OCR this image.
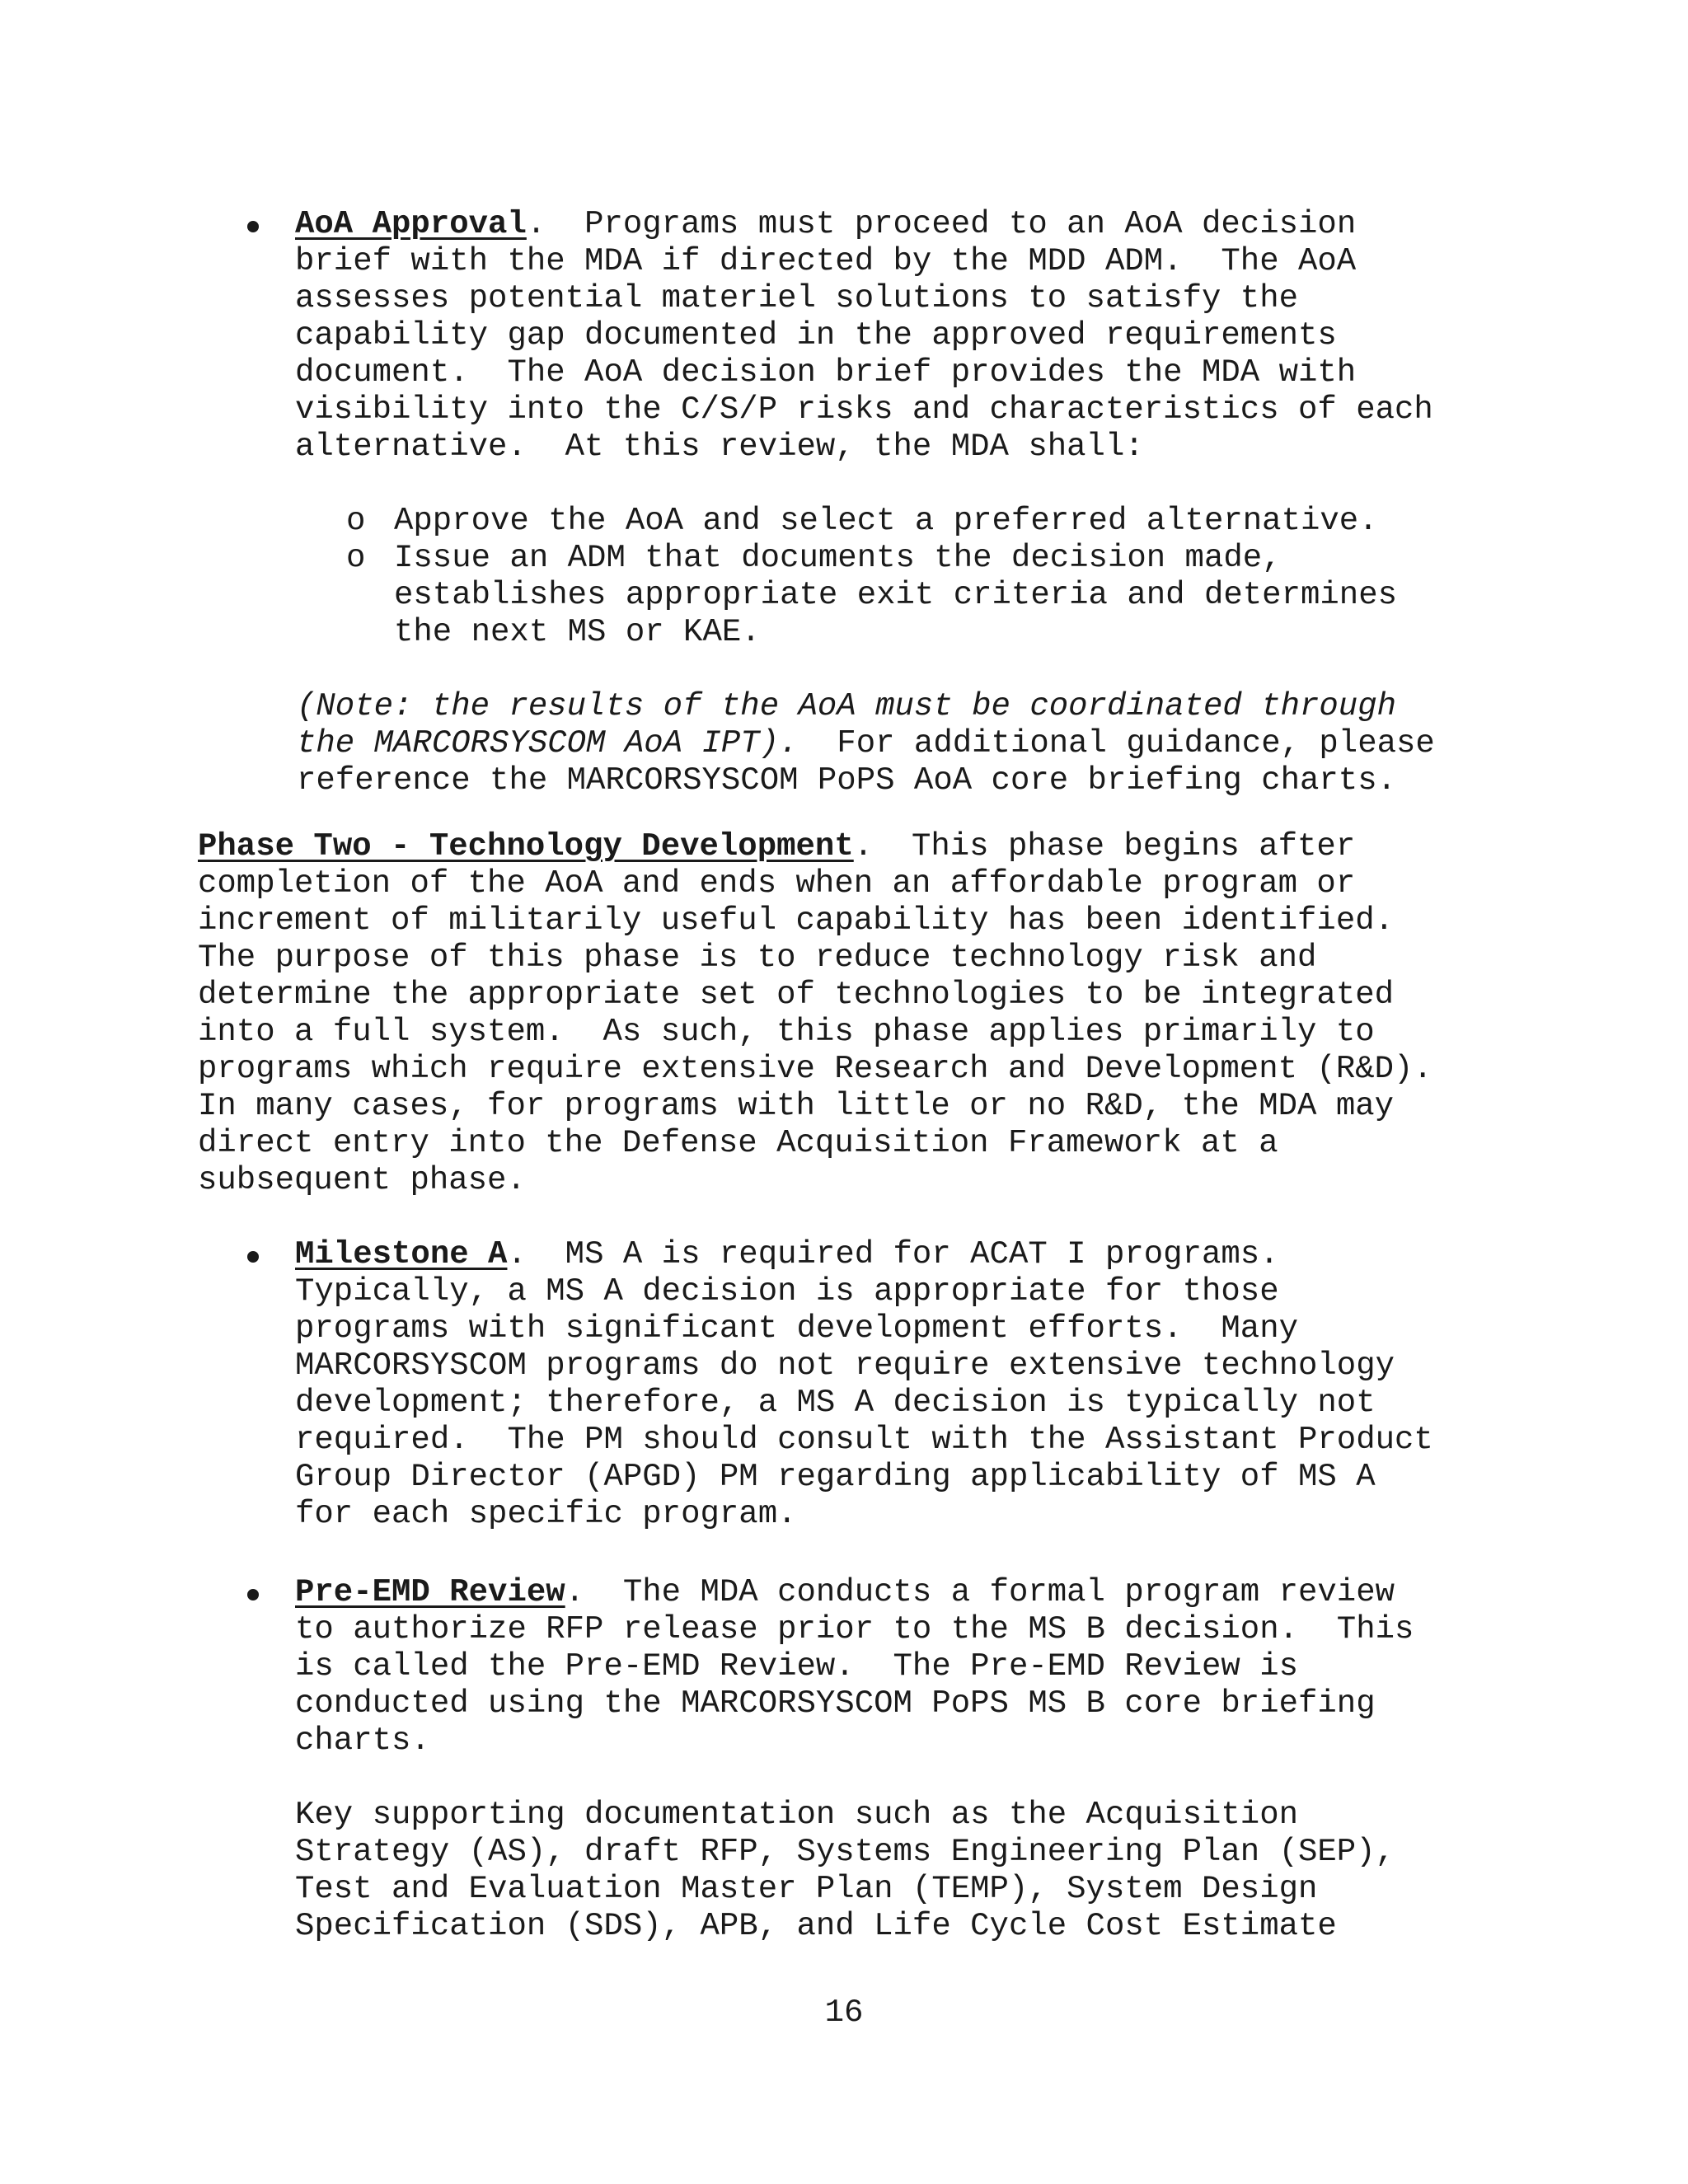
AoA Approval.  Programs must proceed to an AoA decision
brief with the MDA if directed by the MDD ADM.  The AoA
assesses potential materiel solutions to satisfy the
capability gap documented in the approved requirements
document.  The AoA decision brief provides the MDA with
visibility into the C/S/P risks and characteristics of each
alternative.  At this review, the MDA shall:
o Approve the AoA and select a preferred alternative.
o Issue an ADM that documents the decision made,
establishes appropriate exit criteria and determines
the next MS or KAE.
(Note: the results of the AoA must be coordinated through
the MARCORSYSCOM AoA IPT).  For additional guidance, please
reference the MARCORSYSCOM PoPS AoA core briefing charts.
Phase Two - Technology Development.  This phase begins after
completion of the AoA and ends when an affordable program or
increment of militarily useful capability has been identified.
The purpose of this phase is to reduce technology risk and
determine the appropriate set of technologies to be integrated
into a full system.  As such, this phase applies primarily to
programs which require extensive Research and Development (R&D).
In many cases, for programs with little or no R&D, the MDA may
direct entry into the Defense Acquisition Framework at a
subsequent phase.
Milestone A.  MS A is required for ACAT I programs.
Typically, a MS A decision is appropriate for those
programs with significant development efforts.  Many
MARCORSYSCOM programs do not require extensive technology
development; therefore, a MS A decision is typically not
required.  The PM should consult with the Assistant Product
Group Director (APGD) PM regarding applicability of MS A
for each specific program.
Pre-EMD Review.  The MDA conducts a formal program review
to authorize RFP release prior to the MS B decision.  This
is called the Pre-EMD Review.  The Pre-EMD Review is
conducted using the MARCORSYSCOM PoPS MS B core briefing
charts.
Key supporting documentation such as the Acquisition
Strategy (AS), draft RFP, Systems Engineering Plan (SEP),
Test and Evaluation Master Plan (TEMP), System Design
Specification (SDS), APB, and Life Cycle Cost Estimate
16
